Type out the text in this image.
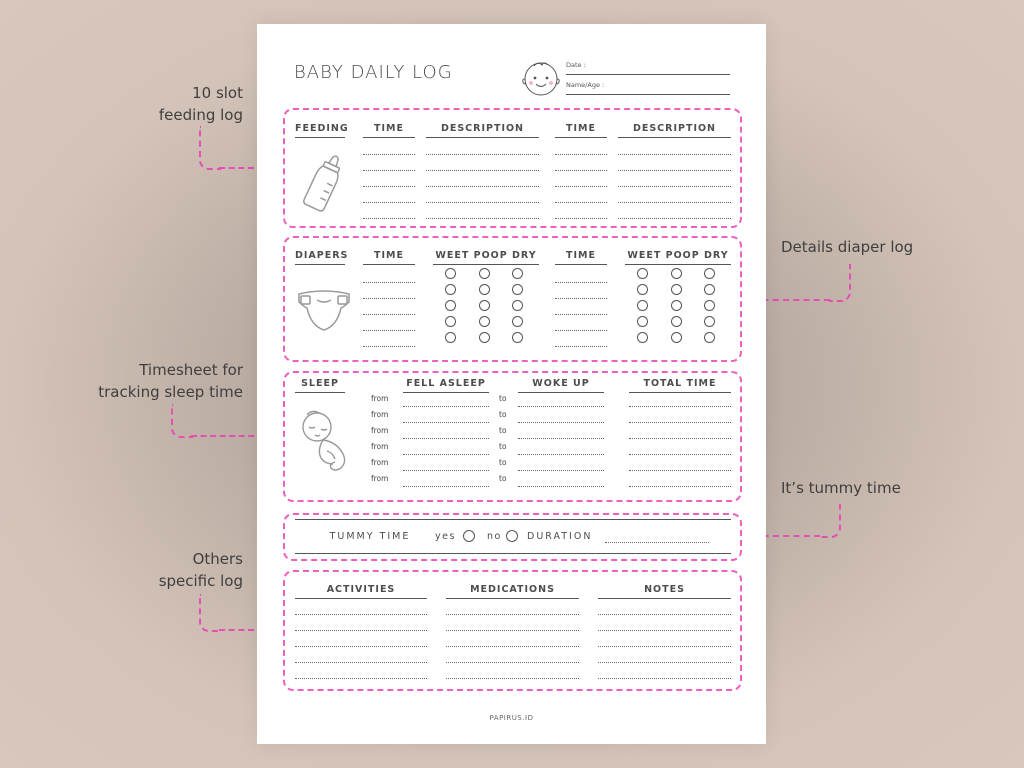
10 slot
feeding log
Details diaper log
Timesheet for
tracking sleep time
It’s tummy time
Others
specific log
BABY DAILY LOG	Date :
Name/Age :
FEEDING	TIME	DESCRIPTION	TIME	DESCRIPTION
DIAPERS	TIME	WEET POOP DRY	TIME	WEET POOP DRY
SLEEP	FELL ASLEEP	WOKE UP	TOTAL TIME
from	to
from	to
from	to
from	to
from	to
from	to
TUMMY TIME	yes	no	DURATION
ACTIVITIES	MEDICATIONS	NOTES
PAPIRUS.ID
